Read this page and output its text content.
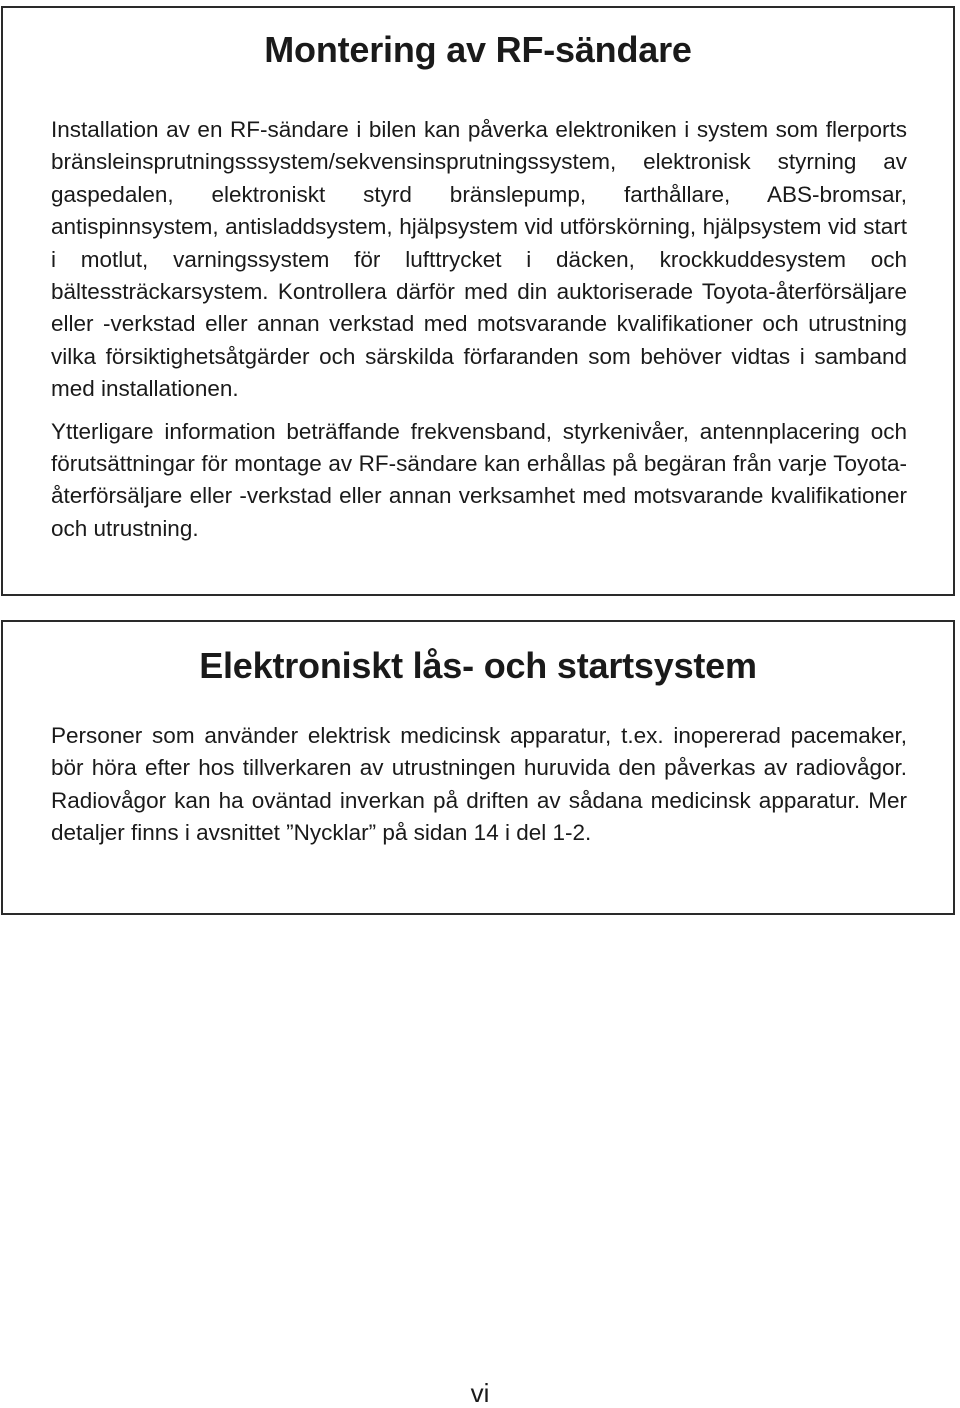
Montering av RF-sändare

Installation av en RF-sändare i bilen kan påverka elektroniken i system som flerports bränsleinsprutningsssystem/sekvensinsprutningssystem, elektronisk styrning av gaspedalen, elektroniskt styrd bränslepump, farthållare, ABS-bromsar, antispinnsystem, antisladdsystem, hjälpsystem vid utförskörning, hjälpsystem vid start i motlut, varningssystem för lufttrycket i däcken, krockkuddesystem och bältessträckarsystem. Kontrollera därför med din auktoriserade Toyota-återförsäljare eller -verkstad eller annan verkstad med motsvarande kvalifikationer och utrustning vilka försiktighetsåtgärder och särskilda förfaranden som behöver vidtas i samband med installationen.

Ytterligare information beträffande frekvensband, styrkenivåer, antennplacering och förutsättningar för montage av RF-sändare kan erhållas på begäran från varje Toyota-återförsäljare eller -verkstad eller annan verksamhet med motsvarande kvalifikationer och utrustning.

Elektroniskt lås- och startsystem

Personer som använder elektrisk medicinsk apparatur, t.ex. inopererad pacemaker, bör höra efter hos tillverkaren av utrustningen huruvida den påverkas av radiovågor. Radiovågor kan ha oväntad inverkan på driften av sådana medicinsk apparatur. Mer detaljer finns i avsnittet ”Nycklar” på sidan 14 i del 1-2.

vi
